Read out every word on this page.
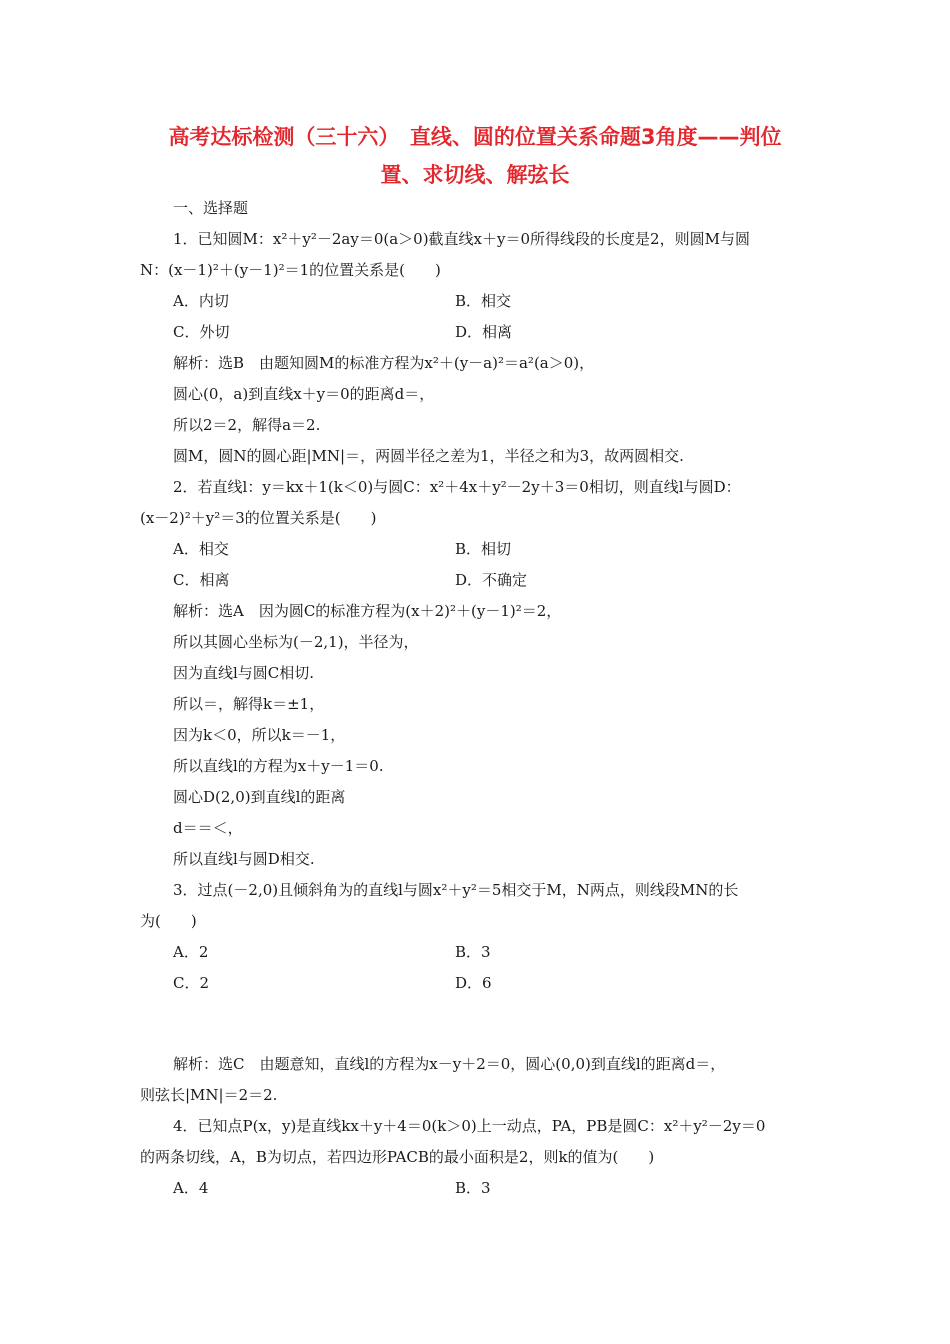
高考达标检测（三十六）　直线、圆的位置关系命题3角度——判位
置、求切线、解弦长
一、选择题
1．已知圆M：x²＋y²－2ay＝0(a＞0)截直线x＋y＝0所得线段的长度是2，则圆M与圆
N：(x－1)²＋(y－1)²＝1的位置关系是(　　)
A．内切	B．相交
C．外切	D．相离
解析：选B　由题知圆M的标准方程为x²＋(y－a)²＝a²(a＞0)，
圆心(0，a)到直线x＋y＝0的距离d＝，
所以2＝2，解得a＝2.
圆M，圆N的圆心距|MN|＝，两圆半径之差为1，半径之和为3，故两圆相交.
2．若直线l：y＝kx＋1(k＜0)与圆C：x²＋4x＋y²－2y＋3＝0相切，则直线l与圆D：
(x－2)²＋y²＝3的位置关系是(　　)
A．相交	B．相切
C．相离	D．不确定
解析：选A　因为圆C的标准方程为(x＋2)²＋(y－1)²＝2，
所以其圆心坐标为(－2,1)，半径为，
因为直线l与圆C相切.
所以＝，解得k＝±1，
因为k＜0，所以k＝－1，
所以直线l的方程为x＋y－1＝0.
圆心D(2,0)到直线l的距离
d＝＝＜，
所以直线l与圆D相交.
3．过点(－2,0)且倾斜角为的直线l与圆x²＋y²＝5相交于M，N两点，则线段MN的长
为(　　)
A．2	B．3
C．2	D．6
解析：选C　由题意知，直线l的方程为x－y＋2＝0，圆心(0,0)到直线l的距离d＝，
则弦长|MN|＝2＝2.
4．已知点P(x，y)是直线kx＋y＋4＝0(k＞0)上一动点，PA，PB是圆C：x²＋y²－2y＝0
的两条切线，A，B为切点，若四边形PACB的最小面积是2，则k的值为(　　)
A．4	B．3
